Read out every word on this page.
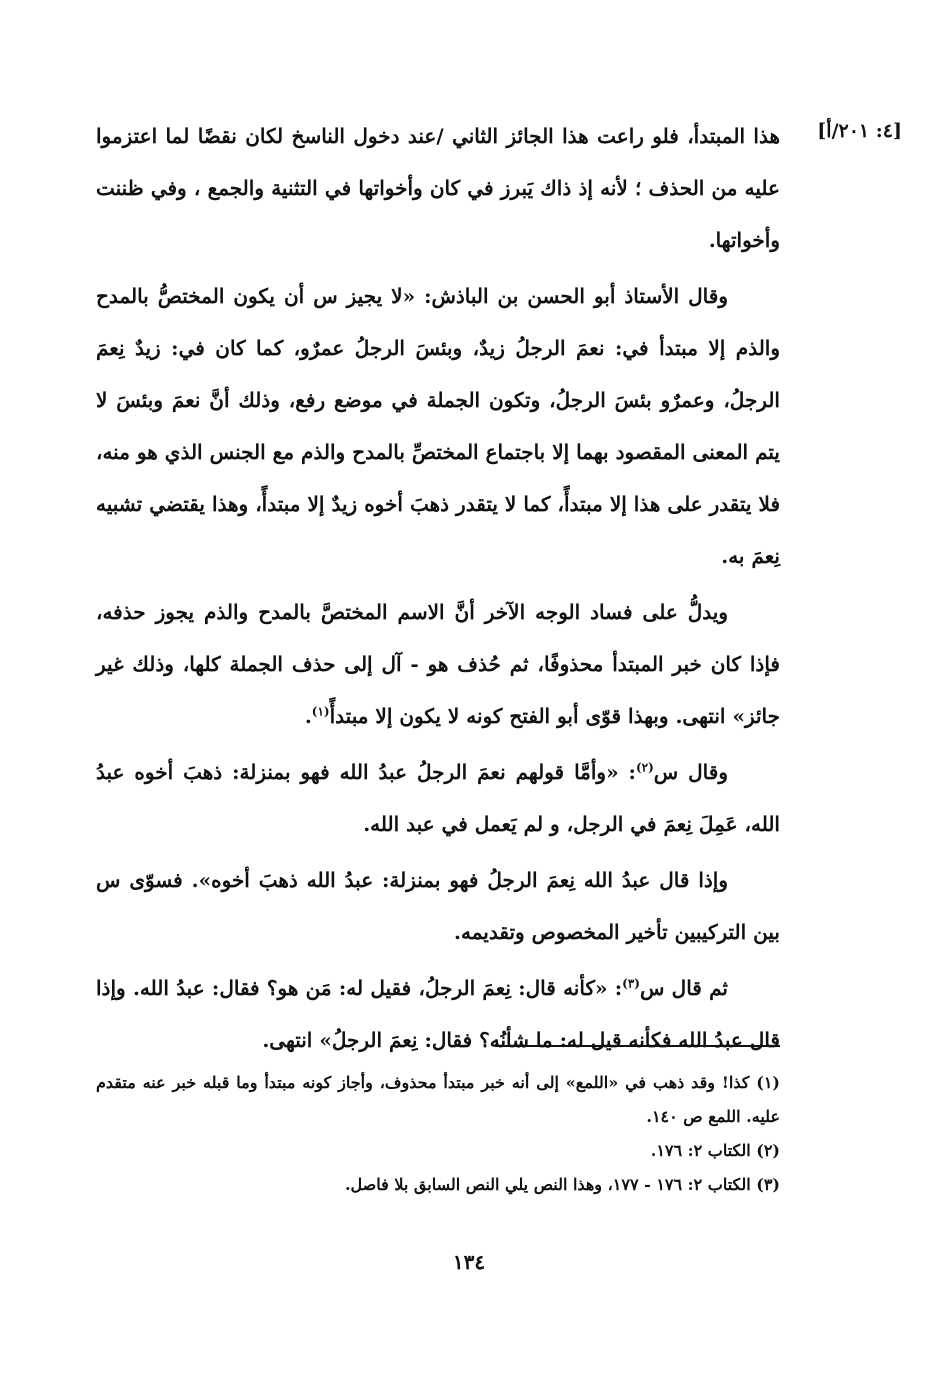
[٤: ٢٠١/أ]

هذا المبتدأ، فلو راعت هذا الجائز الثاني /عند دخول الناسخ لكان نقضًا لما اعتزموا عليه من الحذف ؛ لأنه إذ ذاك يَبرز في كان وأخواتها في التثنية والجمع ، وفي ظننت وأخواتها.

وقال الأستاذ أبو الحسن بن الباذش: «لا يجيز س أن يكون المختصُّ بالمدح والذم إلا مبتدأ في: نعمَ الرجلُ زيدٌ، وبئسَ الرجلُ عمرٌو، كما كان في: زيدٌ نِعمَ الرجلُ، وعمرٌو بئسَ الرجلُ، وتكون الجملة في موضع رفع، وذلك أنَّ نعمَ وبئسَ لا يتم المعنى المقصود بهما إلا باجتماع المختصِّ بالمدح والذم مع الجنس الذي هو منه، فلا يتقدر على هذا إلا مبتدأً، كما لا يتقدر ذهبَ أخوه زيدٌ إلا مبتدأً، وهذا يقتضي تشبيه نِعمَ به.

ويدلُّ على فساد الوجه الآخر أنَّ الاسم المختصَّ بالمدح والذم يجوز حذفه، فإذا كان خبر المبتدأ محذوفًا، ثم حُذف هو - آل إلى حذف الجملة كلها، وذلك غير جائز» انتهى. وبهذا قوّى أبو الفتح كونه لا يكون إلا مبتدأً$^{(١)}$.

وقال س$^{(٢)}$: «وأمَّا قولهم نعمَ الرجلُ عبدُ الله فهو بمنزلة: ذهبَ أخوه عبدُ الله، عَمِلَ نِعمَ في الرجل، و لم يَعمل في عبد الله.

وإذا قال عبدُ الله نِعمَ الرجلُ فهو بمنزلة: عبدُ الله ذهبَ أخوه». فسوّى س بين التركيبين تأخير المخصوص وتقديمه.

ثم قال س$^{(٣)}$: «كأنه قال: نِعمَ الرجلُ، فقيل له: مَن هو؟ فقال: عبدُ الله. وإذا قال عبدُ الله فكأنه قيل له: ما شأنُه؟ فقال: نِعمَ الرجلُ» انتهى.

(١) كذا! وقد ذهب في «اللمع» إلى أنه خبر مبتدأ محذوف، وأجاز كونه مبتدأ وما قبله خبر عنه متقدم عليه. اللمع ص ١٤٠.

(٢) الكتاب ٢: ١٧٦.

(٣) الكتاب ٢: ١٧٦ - ١٧٧، وهذا النص يلي النص السابق بلا فاصل.

١٣٤
